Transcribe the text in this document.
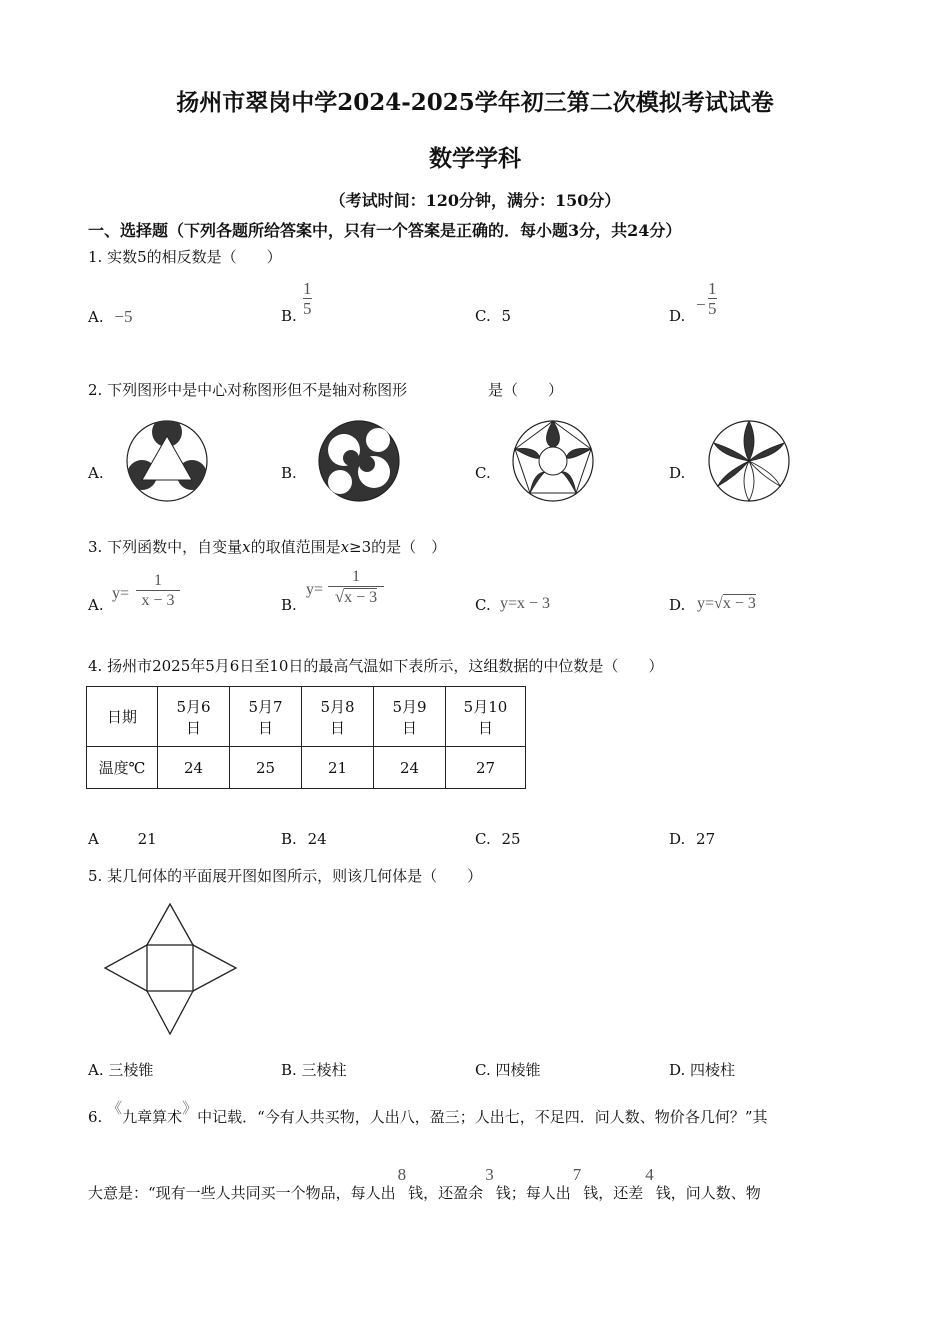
扬州市翠岗中学2024-2025学年初三第二次模拟考试试卷
数学学科
（考试时间：120分钟，满分：150分）
一、选择题（下列各题所给答案中，只有一个答案是正确的．每小题3分，共24分）
1. 实数5的相反数是（　　）
A. −5	B. $\frac{1}{5}$	C. 5	D.
− $\frac{1}{5}$
2. 下列图形中是中心对称图形但不是轴对称图形	是（　　）
A.	B.	C.	D.
3. 下列函数中，自变量x的取值范围是x≥3的是（　）
A.
$y= \frac{1}{x - 3}$	B.
$y= \frac{1}{√x - 3}$	C. y=x − 3	D. y=√x − 3
4. 扬州市2025年5月6日至10日的最高气温如下表所示，这组数据的中位数是（　　）
日期	5月6日	5月7日	5月8日	5月9日	5月10日

温度℃	24	25	21	24	27
A	21	B. 24	C. 25	D. 27
5. 某几何体的平面展开图如图所示，则该几何体是（　　）
A. 三棱锥	B. 三棱柱	C. 四棱锥	D. 四棱柱
6. 《九章算术》中记载．“今有人共买物，人出八，盈三；人出七，不足四．问人数、物价各几何？”其
大意是：“现有一些人共同买一个物品，每人出8钱，还盈余3钱；每人出7钱，还差4钱，问人数、物
